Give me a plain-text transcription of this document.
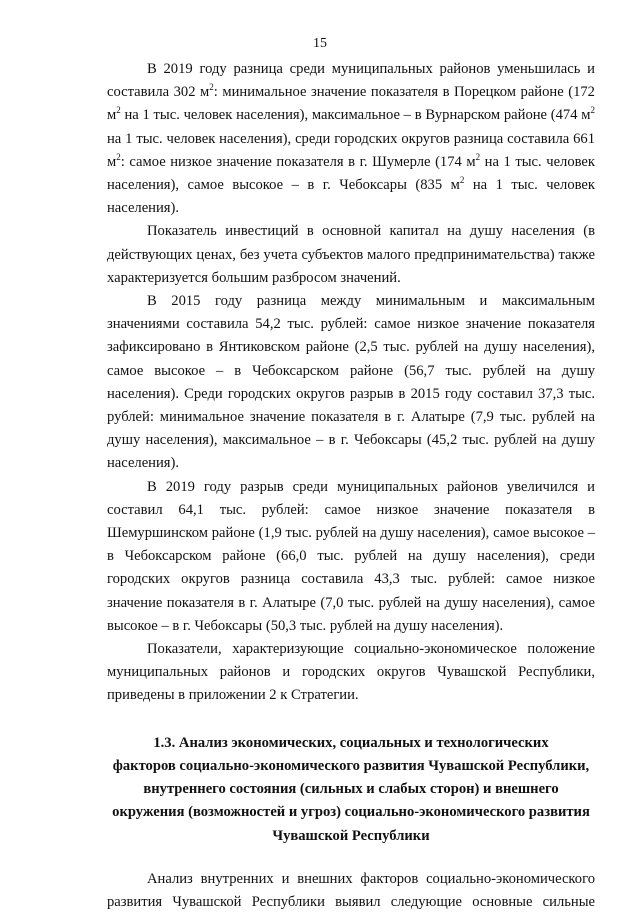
15

В 2019 году разница среди муниципальных районов уменьшилась и составила 302 $м^2$: минимальное значение показателя в Порецком районе (172 $м^2$ на 1 тыс. человек населения), максимальное – в Вурнарском районе (474 $м^2$ на 1 тыс. человек населения), среди городских округов разница составила 661 $м^2$: самое низкое значение показателя в г. Шумерле (174 $м^2$ на 1 тыс. человек населения), самое высокое – в г. Чебоксары (835 $м^2$ на 1 тыс. человек населения).

Показатель инвестиций в основной капитал на душу населения (в действующих ценах, без учета субъектов малого предпринимательства) также характеризуется большим разбросом значений.

В 2015 году разница между минимальным и максимальным значениями составила 54,2 тыс. рублей: самое низкое значение показателя зафиксировано в Янтиковском районе (2,5 тыс. рублей на душу населения), самое высокое – в Чебоксарском районе (56,7 тыс. рублей на душу населения). Среди городских округов разрыв в 2015 году составил 37,3 тыс. рублей: минимальное значение показателя в г. Алатыре (7,9 тыс. рублей на душу населения), максимальное – в г. Чебоксары (45,2 тыс. рублей на душу населения).

В 2019 году разрыв среди муниципальных районов увеличился и составил 64,1 тыс. рублей: самое низкое значение показателя в Шемуршинском районе (1,9 тыс. рублей на душу населения), самое высокое – в Чебоксарском районе (66,0 тыс. рублей на душу населения), среди городских округов разница составила 43,3 тыс. рублей: самое низкое значение показателя в г. Алатыре (7,0 тыс. рублей на душу населения), самое высокое – в г. Чебоксары (50,3 тыс. рублей на душу населения).

Показатели, характеризующие социально-экономическое положение муниципальных районов и городских округов Чувашской Республики, приведены в приложении 2 к Стратегии.

1.3. Анализ экономических, социальных и технологических
факторов социально-экономического развития Чувашской Республики,
внутреннего состояния (сильных и слабых сторон) и внешнего
окружения (возможностей и угроз) социально-экономического развития
Чувашской Республики

Анализ внутренних и внешних факторов социально-экономического развития Чувашской Республики выявил следующие основные сильные
